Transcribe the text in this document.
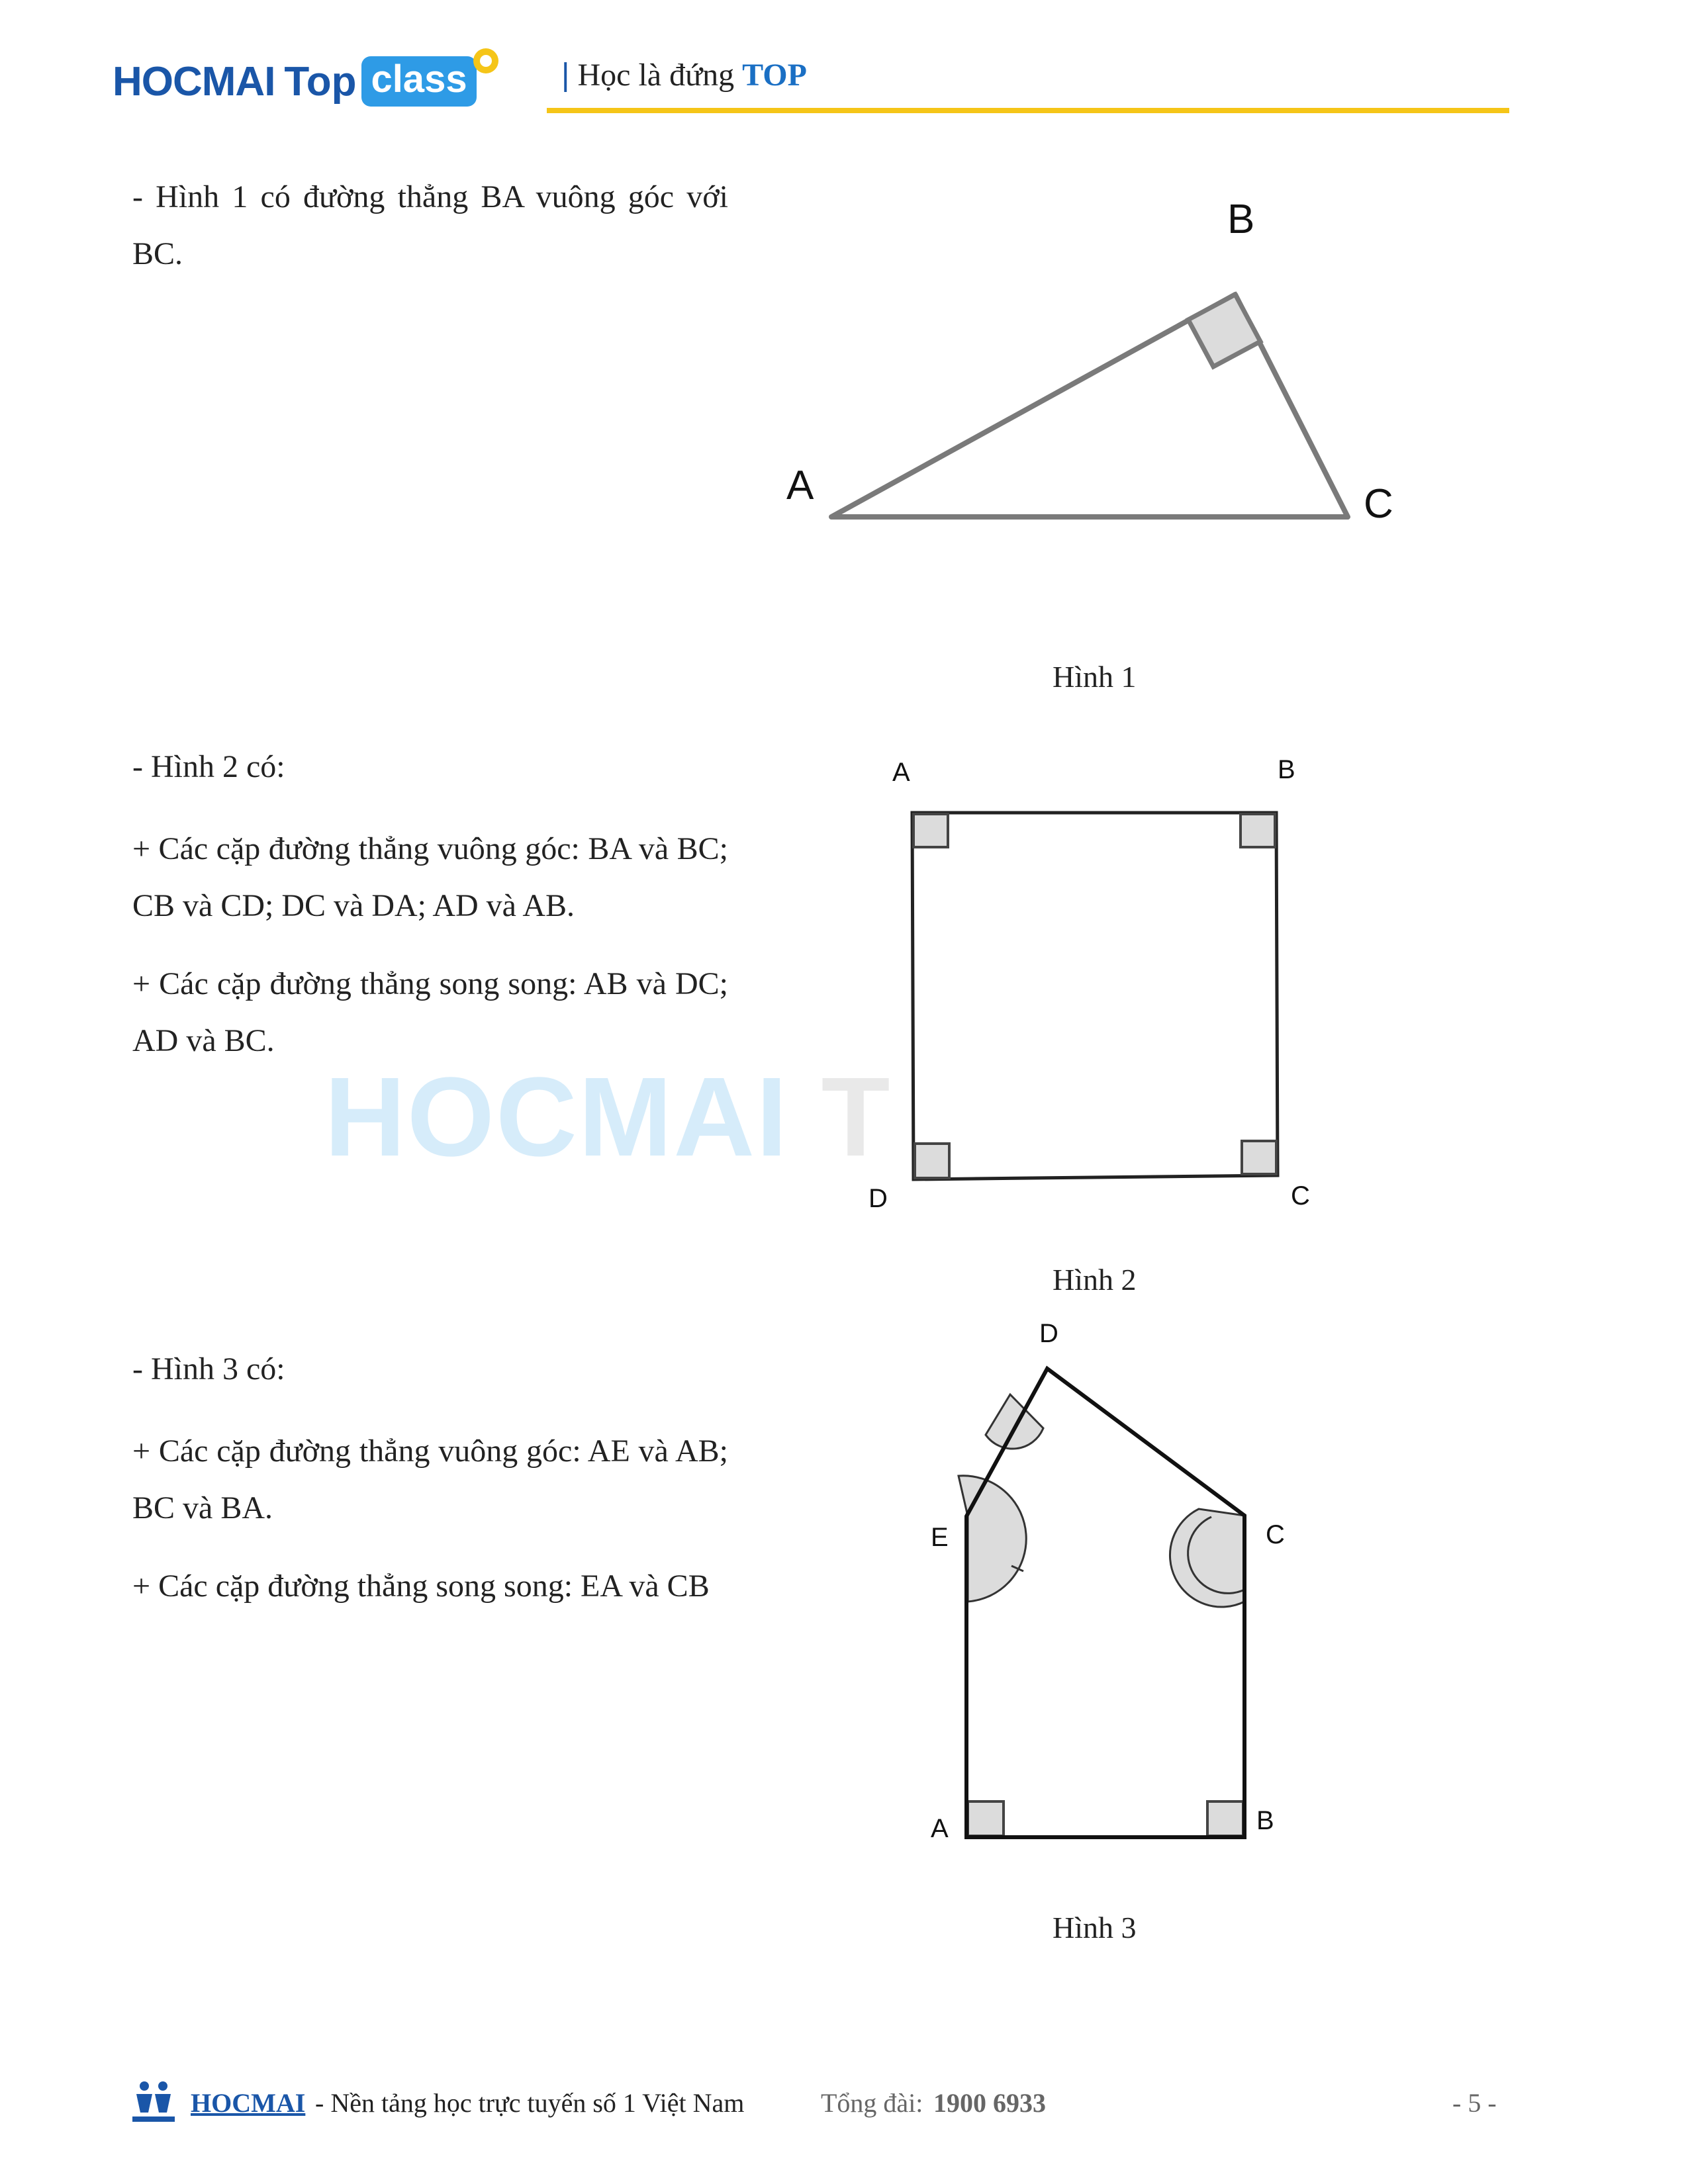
HOCMAI Top class	| Học là đứng TOP
HOCMAI T
- Hình 1 có đường thẳng BA vuông góc với BC.
A
B
C
Hình 1
- Hình 2 có:
+ Các cặp đường thẳng vuông góc: BA và BC; CB và CD; DC và DA; AD và AB.
+ Các cặp đường thẳng song song: AB và DC; AD và BC.
A	B
C
D
Hình 2
- Hình 3 có:
+ Các cặp đường thẳng vuông góc: AE và AB; BC và BA.
+ Các cặp đường thẳng song song: EA và CB
D
C
E
A	B
Hình 3
HOCMAI - Nền tảng học trực tuyến số 1 Việt Nam	Tổng đài: 1900 6933	- 5 -
